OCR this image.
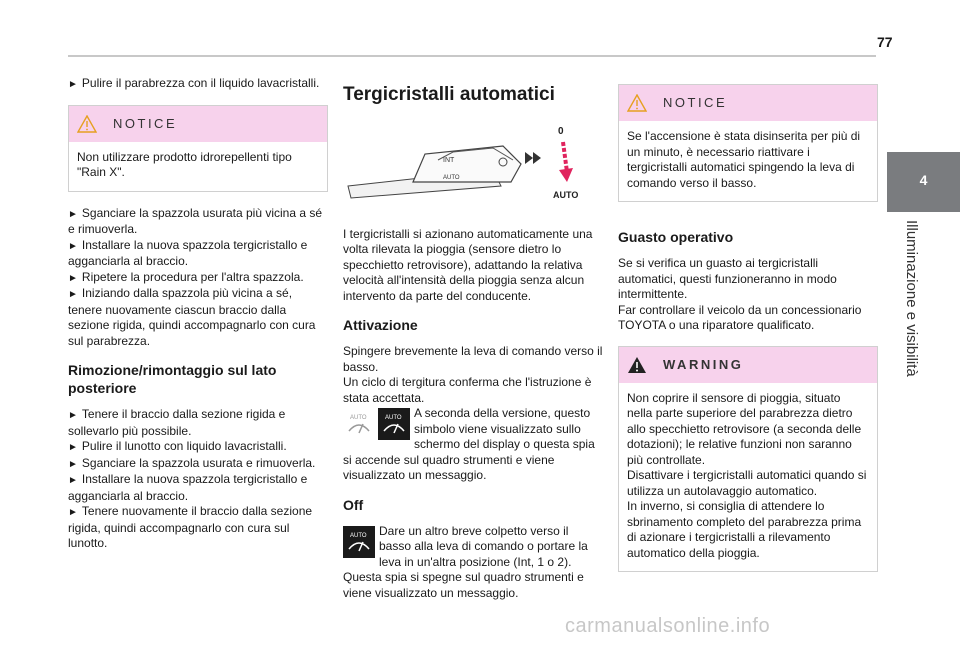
77
4
Illuminazione e visibilità
► Pulire il parabrezza con il liquido lavacristalli.
NOTICE
Non utilizzare prodotto idrorepellenti tipo "Rain X".
► Sganciare la spazzola usurata più vicina a sé e rimuoverla.
► Installare la nuova spazzola tergicristallo e agganciarla al braccio.
► Ripetere la procedura per l'altra spazzola.
► Iniziando dalla spazzola più vicina a sé, tenere nuovamente ciascun braccio dalla sezione rigida, quindi accompagnarlo con cura sul parabrezza.
Rimozione/rimontaggio sul lato posteriore
► Tenere il braccio dalla sezione rigida e sollevarlo più possibile.
► Pulire il lunotto con liquido lavacristalli.
► Sganciare la spazzola usurata e rimuoverla.
► Installare la nuova spazzola tergicristallo e agganciarla al braccio.
► Tenere nuovamente il braccio dalla sezione rigida, quindi accompagnarlo con cura sul lunotto.
Tergicristalli automatici
INT
AUTO
0
AUTO
I tergicristalli si azionano automaticamente una volta rilevata la pioggia (sensore dietro lo specchietto retrovisore), adattando la relativa velocità all'intensità della pioggia senza alcun intervento da parte del conducente.
Attivazione
Spingere brevemente la leva di comando verso il basso.
Un ciclo di tergitura conferma che l'istruzione è stata accettata.
AUTO	AUTO A seconda della versione, questo simbolo viene visualizzato sullo schermo del display o questa spia si accende sul quadro strumenti e viene visualizzato un messaggio.
Off
AUTO Dare un altro breve colpetto verso il basso alla leva di comando o portare la leva in un'altra posizione (Int, 1 o 2).
Questa spia si spegne sul quadro strumenti e viene visualizzato un messaggio.
NOTICE
Se l'accensione è stata disinserita per più di un minuto, è necessario riattivare i tergicristalli automatici spingendo la leva di comando verso il basso.
Guasto operativo
Se si verifica un guasto ai tergicristalli automatici, questi funzioneranno in modo intermittente.
Far controllare il veicolo da un concessionario TOYOTA o una riparatore qualificato.
WARNING
Non coprire il sensore di pioggia, situato nella parte superiore del parabrezza dietro allo specchietto retrovisore (a seconda delle dotazioni); le relative funzioni non saranno più controllate.
Disattivare i tergicristalli automatici quando si utilizza un autolavaggio automatico.
In inverno, si consiglia di attendere lo sbrinamento completo del parabrezza prima di azionare i tergicristalli a rilevamento automatico della pioggia.
carmanualsonline.info
